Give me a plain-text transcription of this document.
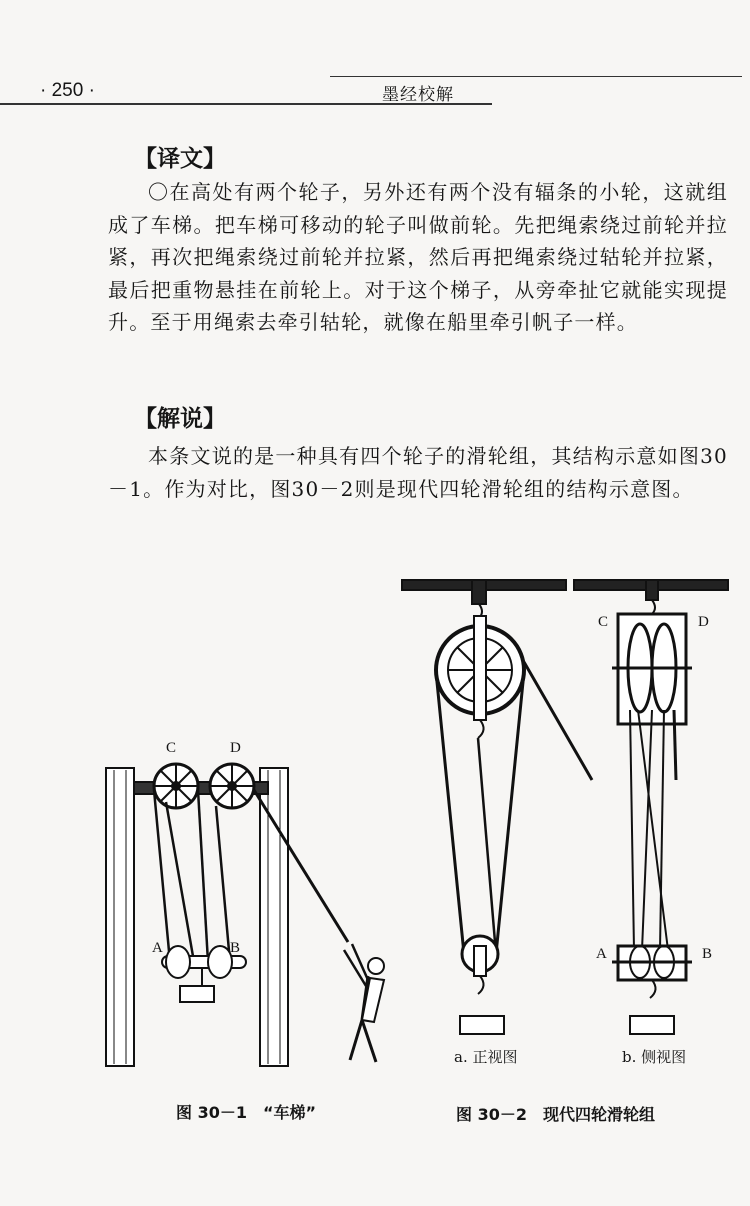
· 250 ·	墨经校解
【译文】

〇在高处有两个轮子，另外还有两个没有辐条的小轮，这就组成了车梯。把车梯可移动的轮子叫做前轮。先把绳索绕过前轮并拉紧，再次把绳索绕过前轮并拉紧，然后再把绳索绕过轱轮并拉紧，最后把重物悬挂在前轮上。对于这个梯子，从旁牵扯它就能实现提升。至于用绳索去牵引轱轮，就像在船里牵引帆子一样。

【解说】

本条文说的是一种具有四个轮子的滑轮组，其结构示意如图30－1。作为对比，图30－2则是现代四轮滑轮组的结构示意图。

C	D
A	B
图 30－1　“车梯”
a. 正视图
C	D
A	B
b. 侧视图
图 30－2　现代四轮滑轮组
